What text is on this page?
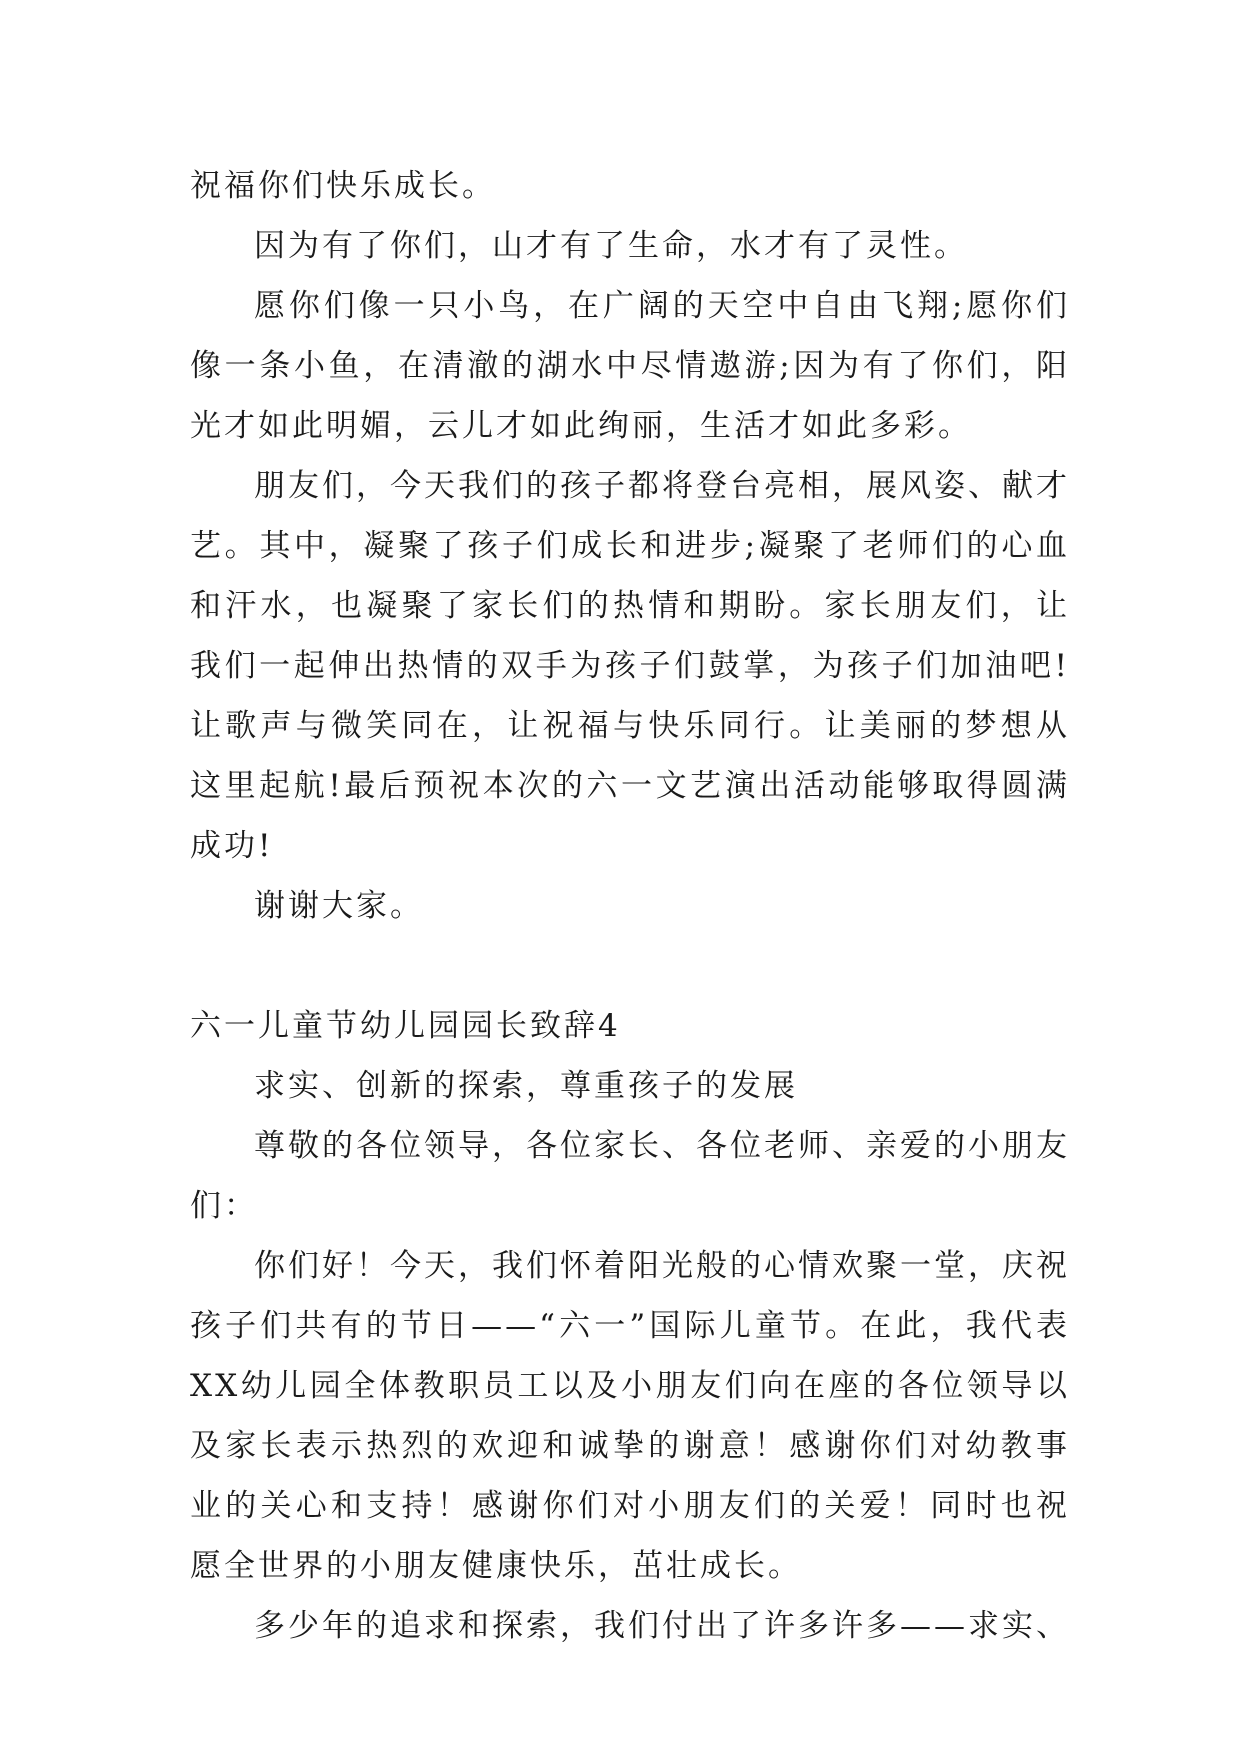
祝福你们快乐成长。

因为有了你们，山才有了生命，水才有了灵性。

愿你们像一只小鸟，在广阔的天空中自由飞翔;愿你们像一条小鱼，在清澈的湖水中尽情遨游;因为有了你们，阳光才如此明媚，云儿才如此绚丽，生活才如此多彩。

朋友们，今天我们的孩子都将登台亮相，展风姿、献才艺。其中，凝聚了孩子们成长和进步;凝聚了老师们的心血和汗水，也凝聚了家长们的热情和期盼。家长朋友们，让我们一起伸出热情的双手为孩子们鼓掌，为孩子们加油吧!让歌声与微笑同在，让祝福与快乐同行。让美丽的梦想从这里起航!最后预祝本次的六一文艺演出活动能够取得圆满成功!

谢谢大家。

六一儿童节幼儿园园长致辞4

求实、创新的探索，尊重孩子的发展

尊敬的各位领导，各位家长、各位老师、亲爱的小朋友们：

你们好！今天，我们怀着阳光般的心情欢聚一堂，庆祝孩子们共有的节日——“六一”国际儿童节。在此，我代表XX幼儿园全体教职员工以及小朋友们向在座的各位领导以及家长表示热烈的欢迎和诚挚的谢意！感谢你们对幼教事业的关心和支持！感谢你们对小朋友们的关爱！同时也祝愿全世界的小朋友健康快乐，茁壮成长。

多少年的追求和探索，我们付出了许多许多——求实、
